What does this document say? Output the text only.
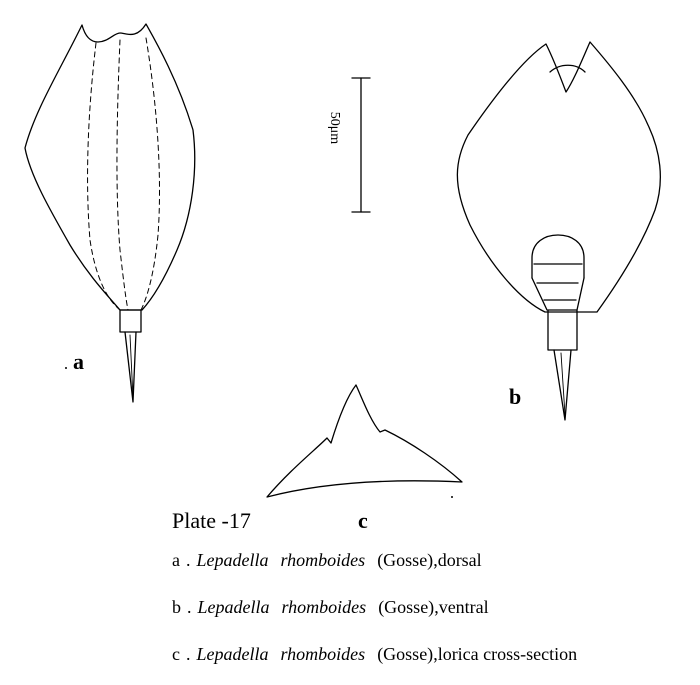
a
b
c
50μm
Plate -17
a . Lepadella rhomboides (Gosse),dorsal
b . Lepadella rhomboides (Gosse),ventral
c . Lepadella rhomboides (Gosse),lorica cross-section
